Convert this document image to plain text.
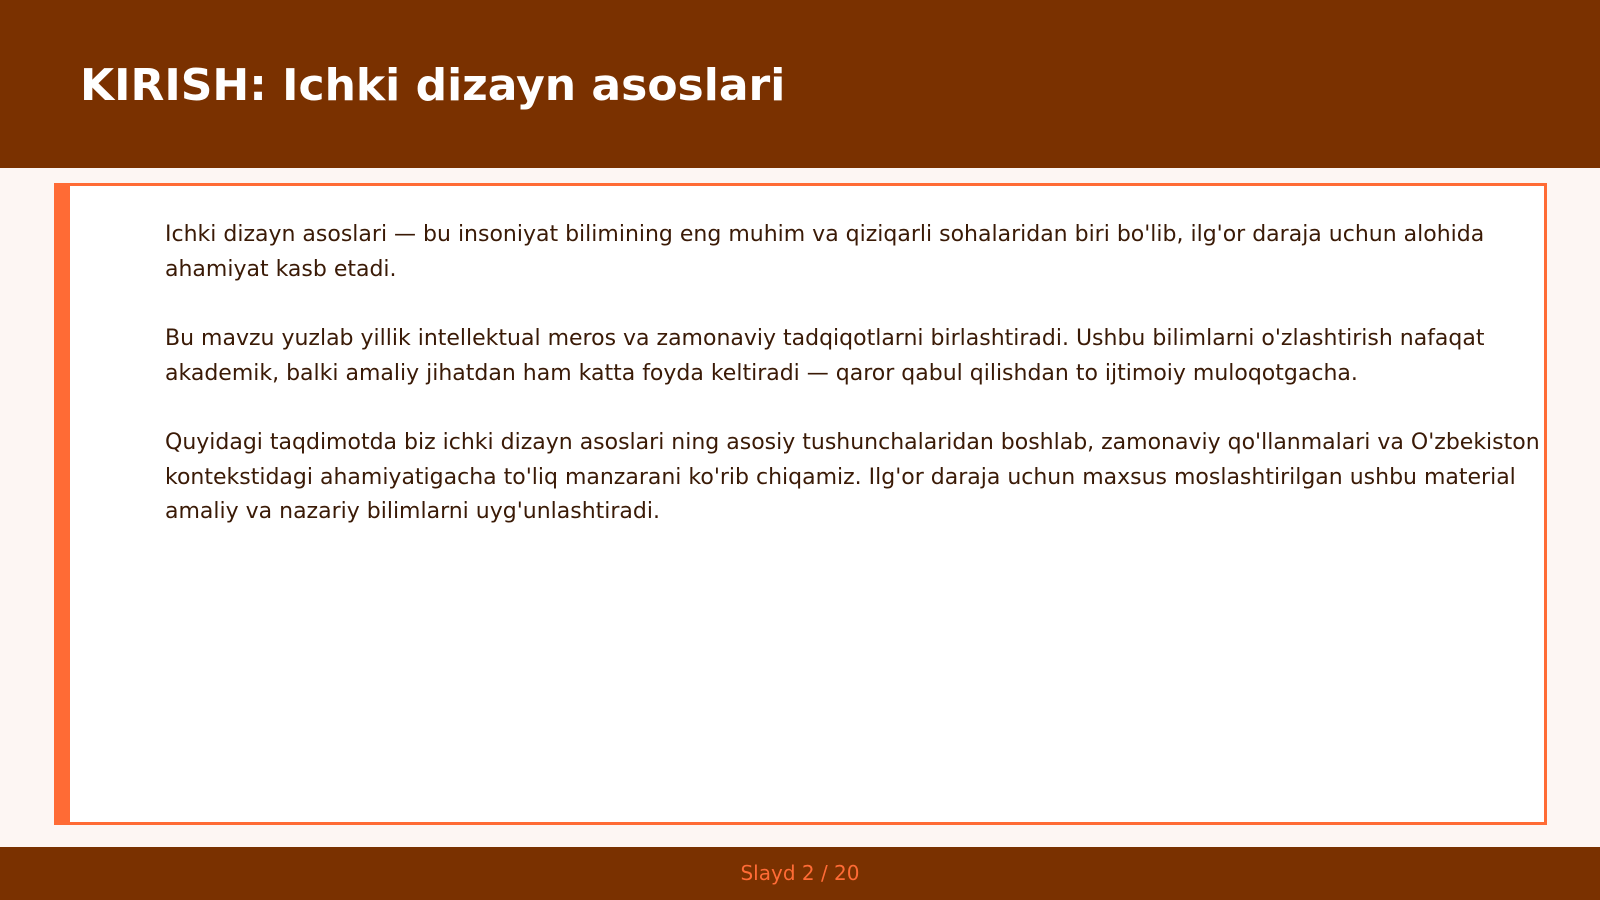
KIRISH: Ichki dizayn asoslari

Ichki dizayn asoslari — bu insoniyat bilimining eng muhim va qiziqarli sohalaridan biri bo'lib, ilg'or daraja uchun alohida ahamiyat kasb etadi.

Bu mavzu yuzlab yillik intellektual meros va zamonaviy tadqiqotlarni birlashtiradi. Ushbu bilimlarni o'zlashtirish nafaqat akademik, balki amaliy jihatdan ham katta foyda keltiradi — qaror qabul qilishdan to ijtimoiy muloqotgacha.

Quyidagi taqdimotda biz ichki dizayn asoslari ning asosiy tushunchalaridan boshlab, zamonaviy qo'llanmalari va O'zbekiston kontekstidagi ahamiyatigacha to'liq manzarani ko'rib chiqamiz. Ilg'or daraja uchun maxsus moslashtirilgan ushbu material amaliy va nazariy bilimlarni uyg'unlashtiradi.

Slayd 2 / 20
